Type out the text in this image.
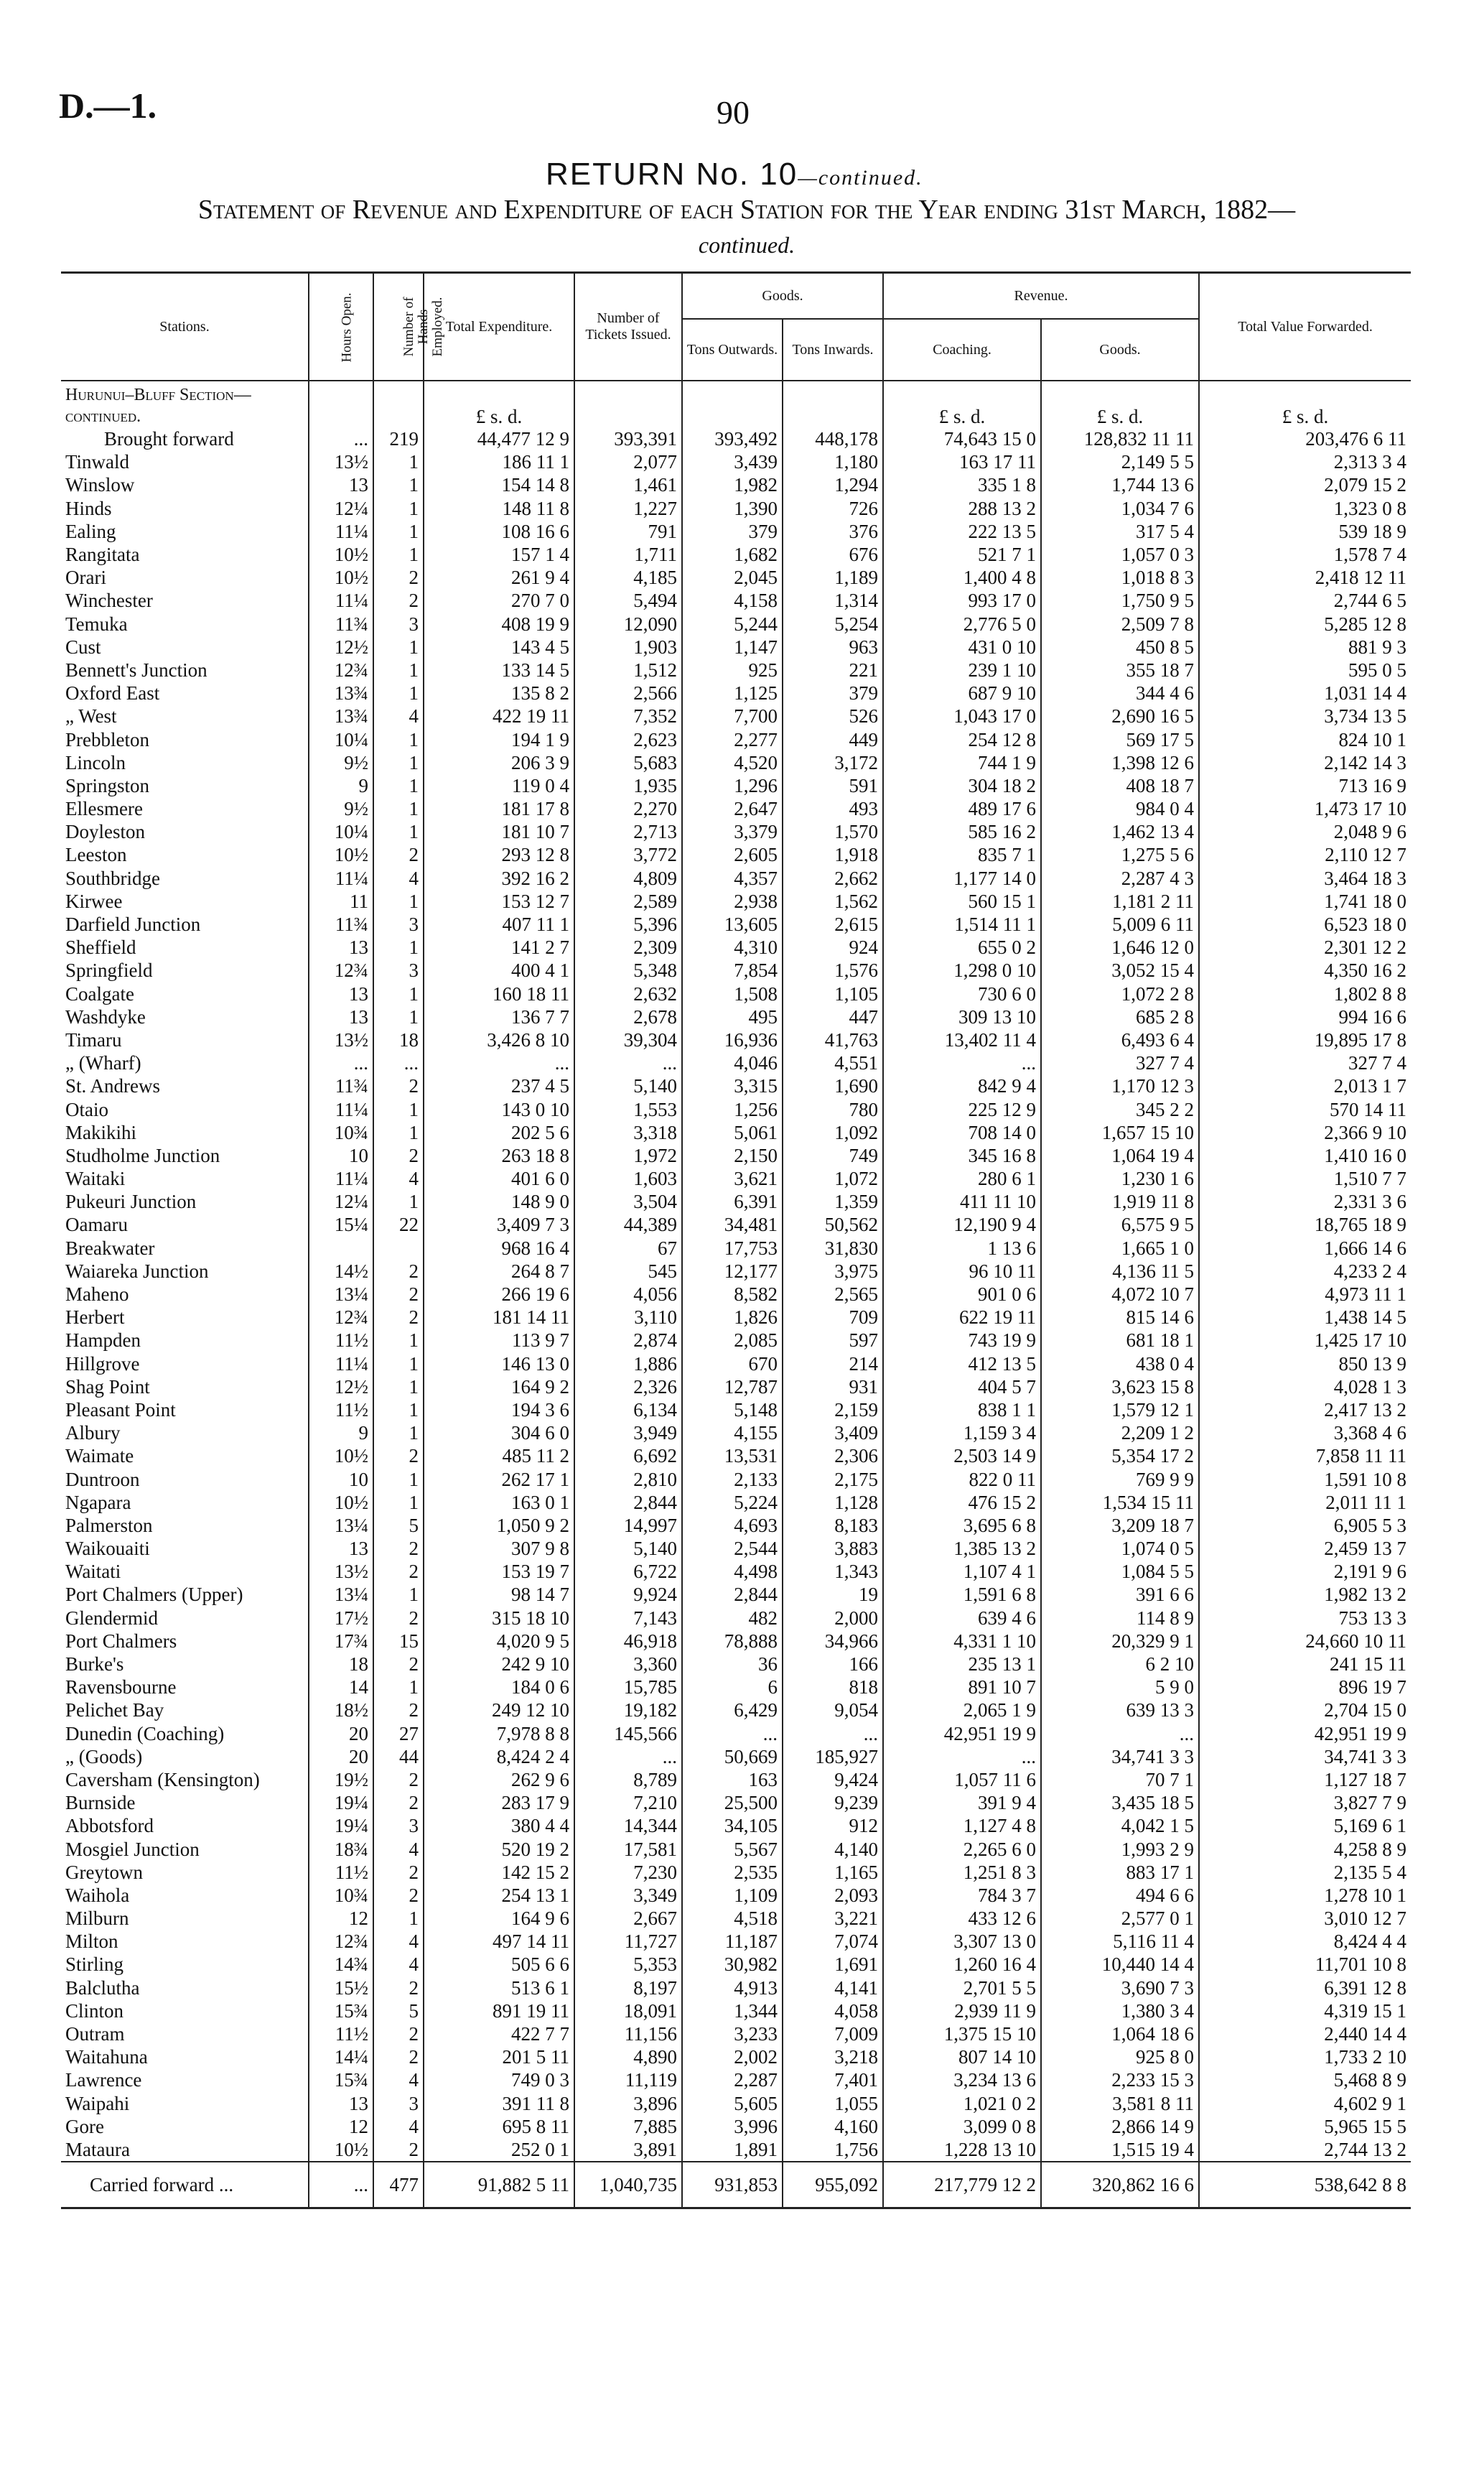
D.—1.	90
RETURN No. 10—continued.
Statement of Revenue and Expenditure of each Station for the Year ending 31st March, 1882—
continued.
Stations.	Hours Open.	Number of Hands Employed.	Total Expenditure.	Number of Tickets Issued.	Goods.		Revenue.		Total Value Forwarded.
					Tons Outwards.	Tons Inwards.	Coaching.	Goods.	
Hurunui–Bluff Section—continued.			£ s. d.				£ s. d.	£ s. d.	£ s. d.
Brought forward	...	219	44,477 12 9	393,391	393,492	448,178	74,643 15 0	128,832 11 11	203,476 6 11
Tinwald	13½	1	186 11 1	2,077	3,439	1,180	163 17 11	2,149 5 5	2,313 3 4
Winslow	13	1	154 14 8	1,461	1,982	1,294	335 1 8	1,744 13 6	2,079 15 2
Hinds	12¼	1	148 11 8	1,227	1,390	726	288 13 2	1,034 7 6	1,323 0 8
Ealing	11¼	1	108 16 6	791	379	376	222 13 5	317 5 4	539 18 9
Rangitata	10½	1	157 1 4	1,711	1,682	676	521 7 1	1,057 0 3	1,578 7 4
Orari	10½	2	261 9 4	4,185	2,045	1,189	1,400 4 8	1,018 8 3	2,418 12 11
Winchester	11¼	2	270 7 0	5,494	4,158	1,314	993 17 0	1,750 9 5	2,744 6 5
Temuka	11¾	3	408 19 9	12,090	5,244	5,254	2,776 5 0	2,509 7 8	5,285 12 8
Cust	12½	1	143 4 5	1,903	1,147	963	431 0 10	450 8 5	881 9 3
Bennett's Junction	12¾	1	133 14 5	1,512	925	221	239 1 10	355 18 7	595 0 5
Oxford East	13¾	1	135 8 2	2,566	1,125	379	687 9 10	344 4 6	1,031 14 4
„ West	13¾	4	422 19 11	7,352	7,700	526	1,043 17 0	2,690 16 5	3,734 13 5
Prebbleton	10¼	1	194 1 9	2,623	2,277	449	254 12 8	569 17 5	824 10 1
Lincoln	9½	1	206 3 9	5,683	4,520	3,172	744 1 9	1,398 12 6	2,142 14 3
Springston	9	1	119 0 4	1,935	1,296	591	304 18 2	408 18 7	713 16 9
Ellesmere	9½	1	181 17 8	2,270	2,647	493	489 17 6	984 0 4	1,473 17 10
Doyleston	10¼	1	181 10 7	2,713	3,379	1,570	585 16 2	1,462 13 4	2,048 9 6
Leeston	10½	2	293 12 8	3,772	2,605	1,918	835 7 1	1,275 5 6	2,110 12 7
Southbridge	11¼	4	392 16 2	4,809	4,357	2,662	1,177 14 0	2,287 4 3	3,464 18 3
Kirwee	11	1	153 12 7	2,589	2,938	1,562	560 15 1	1,181 2 11	1,741 18 0
Darfield Junction	11¾	3	407 11 1	5,396	13,605	2,615	1,514 11 1	5,009 6 11	6,523 18 0
Sheffield	13	1	141 2 7	2,309	4,310	924	655 0 2	1,646 12 0	2,301 12 2
Springfield	12¾	3	400 4 1	5,348	7,854	1,576	1,298 0 10	3,052 15 4	4,350 16 2
Coalgate	13	1	160 18 11	2,632	1,508	1,105	730 6 0	1,072 2 8	1,802 8 8
Washdyke	13	1	136 7 7	2,678	495	447	309 13 10	685 2 8	994 16 6
Timaru	13½	18	3,426 8 10	39,304	16,936	41,763	13,402 11 4	6,493 6 4	19,895 17 8
„ (Wharf)	...	...	...	...	4,046	4,551	...	327 7 4	327 7 4
St. Andrews	11¾	2	237 4 5	5,140	3,315	1,690	842 9 4	1,170 12 3	2,013 1 7
Otaio	11¼	1	143 0 10	1,553	1,256	780	225 12 9	345 2 2	570 14 11
Makikihi	10¾	1	202 5 6	3,318	5,061	1,092	708 14 0	1,657 15 10	2,366 9 10
Studholme Junction	10	2	263 18 8	1,972	2,150	749	345 16 8	1,064 19 4	1,410 16 0
Waitaki	11¼	4	401 6 0	1,603	3,621	1,072	280 6 1	1,230 1 6	1,510 7 7
Pukeuri Junction	12¼	1	148 9 0	3,504	6,391	1,359	411 11 10	1,919 11 8	2,331 3 6
Oamaru	15¼	22	3,409 7 3	44,389	34,481	50,562	12,190 9 4	6,575 9 5	18,765 18 9
Breakwater			968 16 4	67	17,753	31,830	1 13 6	1,665 1 0	1,666 14 6
Waiareka Junction	14½	2	264 8 7	545	12,177	3,975	96 10 11	4,136 11 5	4,233 2 4
Maheno	13¼	2	266 19 6	4,056	8,582	2,565	901 0 6	4,072 10 7	4,973 11 1
Herbert	12¾	2	181 14 11	3,110	1,826	709	622 19 11	815 14 6	1,438 14 5
Hampden	11½	1	113 9 7	2,874	2,085	597	743 19 9	681 18 1	1,425 17 10
Hillgrove	11¼	1	146 13 0	1,886	670	214	412 13 5	438 0 4	850 13 9
Shag Point	12½	1	164 9 2	2,326	12,787	931	404 5 7	3,623 15 8	4,028 1 3
Pleasant Point	11½	1	194 3 6	6,134	5,148	2,159	838 1 1	1,579 12 1	2,417 13 2
Albury	9	1	304 6 0	3,949	4,155	3,409	1,159 3 4	2,209 1 2	3,368 4 6
Waimate	10½	2	485 11 2	6,692	13,531	2,306	2,503 14 9	5,354 17 2	7,858 11 11
Duntroon	10	1	262 17 1	2,810	2,133	2,175	822 0 11	769 9 9	1,591 10 8
Ngapara	10½	1	163 0 1	2,844	5,224	1,128	476 15 2	1,534 15 11	2,011 11 1
Palmerston	13¼	5	1,050 9 2	14,997	4,693	8,183	3,695 6 8	3,209 18 7	6,905 5 3
Waikouaiti	13	2	307 9 8	5,140	2,544	3,883	1,385 13 2	1,074 0 5	2,459 13 7
Waitati	13½	2	153 19 7	6,722	4,498	1,343	1,107 4 1	1,084 5 5	2,191 9 6
Port Chalmers (Upper)	13¼	1	98 14 7	9,924	2,844	19	1,591 6 8	391 6 6	1,982 13 2
Glendermid	17½	2	315 18 10	7,143	482	2,000	639 4 6	114 8 9	753 13 3
Port Chalmers	17¾	15	4,020 9 5	46,918	78,888	34,966	4,331 1 10	20,329 9 1	24,660 10 11
Burke's	18	2	242 9 10	3,360	36	166	235 13 1	6 2 10	241 15 11
Ravensbourne	14	1	184 0 6	15,785	6	818	891 10 7	5 9 0	896 19 7
Pelichet Bay	18½	2	249 12 10	19,182	6,429	9,054	2,065 1 9	639 13 3	2,704 15 0
Dunedin (Coaching)	20	27	7,978 8 8	145,566	...	...	42,951 19 9	...	42,951 19 9
„ (Goods)	20	44	8,424 2 4	...	50,669	185,927	...	34,741 3 3	34,741 3 3
Caversham (Kensington)	19½	2	262 9 6	8,789	163	9,424	1,057 11 6	70 7 1	1,127 18 7
Burnside	19¼	2	283 17 9	7,210	25,500	9,239	391 9 4	3,435 18 5	3,827 7 9
Abbotsford	19¼	3	380 4 4	14,344	34,105	912	1,127 4 8	4,042 1 5	5,169 6 1
Mosgiel Junction	18¾	4	520 19 2	17,581	5,567	4,140	2,265 6 0	1,993 2 9	4,258 8 9
Greytown	11½	2	142 15 2	7,230	2,535	1,165	1,251 8 3	883 17 1	2,135 5 4
Waihola	10¾	2	254 13 1	3,349	1,109	2,093	784 3 7	494 6 6	1,278 10 1
Milburn	12	1	164 9 6	2,667	4,518	3,221	433 12 6	2,577 0 1	3,010 12 7
Milton	12¾	4	497 14 11	11,727	11,187	7,074	3,307 13 0	5,116 11 4	8,424 4 4
Stirling	14¾	4	505 6 6	5,353	30,982	1,691	1,260 16 4	10,440 14 4	11,701 10 8
Balclutha	15½	2	513 6 1	8,197	4,913	4,141	2,701 5 5	3,690 7 3	6,391 12 8
Clinton	15¾	5	891 19 11	18,091	1,344	4,058	2,939 11 9	1,380 3 4	4,319 15 1
Outram	11½	2	422 7 7	11,156	3,233	7,009	1,375 15 10	1,064 18 6	2,440 14 4
Waitahuna	14¼	2	201 5 11	4,890	2,002	3,218	807 14 10	925 8 0	1,733 2 10
Lawrence	15¾	4	749 0 3	11,119	2,287	7,401	3,234 13 6	2,233 15 3	5,468 8 9
Waipahi	13	3	391 11 8	3,896	5,605	1,055	1,021 0 2	3,581 8 11	4,602 9 1
Gore	12	4	695 8 11	7,885	3,996	4,160	3,099 0 8	2,866 14 9	5,965 15 5
Mataura	10½	2	252 0 1	3,891	1,891	1,756	1,228 13 10	1,515 19 4	2,744 13 2
Carried forward ...	...	477	91,882 5 11	1,040,735	931,853	955,092	217,779 12 2	320,862 16 6	538,642 8 8
